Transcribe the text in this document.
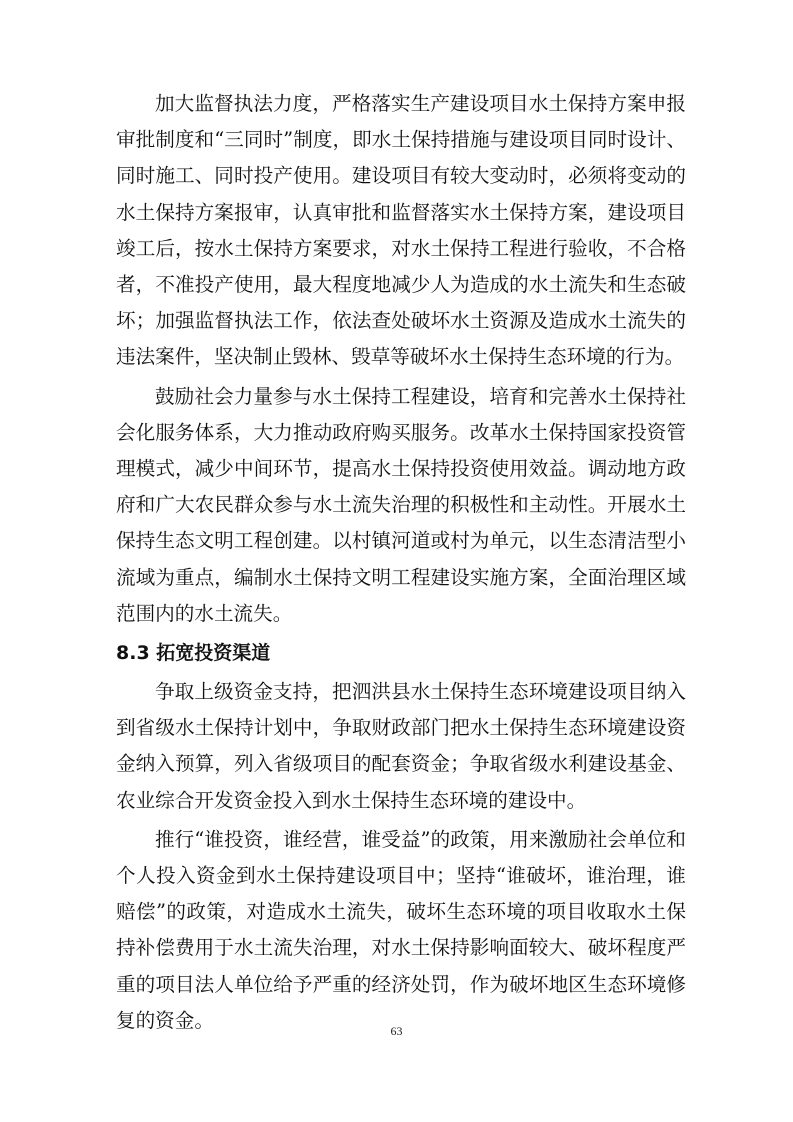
加大监督执法力度，严格落实生产建设项目水土保持方案申报审批制度和“三同时”制度，即水土保持措施与建设项目同时设计、同时施工、同时投产使用。建设项目有较大变动时，必须将变动的水土保持方案报审，认真审批和监督落实水土保持方案，建设项目竣工后，按水土保持方案要求，对水土保持工程进行验收，不合格者，不准投产使用，最大程度地减少人为造成的水土流失和生态破坏；加强监督执法工作，依法查处破坏水土资源及造成水土流失的违法案件，坚决制止毁林、毁草等破坏水土保持生态环境的行为。

鼓励社会力量参与水土保持工程建设，培育和完善水土保持社会化服务体系，大力推动政府购买服务。改革水土保持国家投资管理模式，减少中间环节，提高水土保持投资使用效益。调动地方政府和广大农民群众参与水土流失治理的积极性和主动性。开展水土保持生态文明工程创建。以村镇河道或村为单元，以生态清洁型小流域为重点，编制水土保持文明工程建设实施方案，全面治理区域范围内的水土流失。

8.3 拓宽投资渠道

争取上级资金支持，把泗洪县水土保持生态环境建设项目纳入到省级水土保持计划中，争取财政部门把水土保持生态环境建设资金纳入预算，列入省级项目的配套资金；争取省级水利建设基金、农业综合开发资金投入到水土保持生态环境的建设中。

推行“谁投资，谁经营，谁受益”的政策，用来激励社会单位和个人投入资金到水土保持建设项目中；坚持“谁破坏，谁治理，谁赔偿”的政策，对造成水土流失，破坏生态环境的项目收取水土保持补偿费用于水土流失治理，对水土保持影响面较大、破坏程度严重的项目法人单位给予严重的经济处罚，作为破坏地区生态环境修复的资金。	63
